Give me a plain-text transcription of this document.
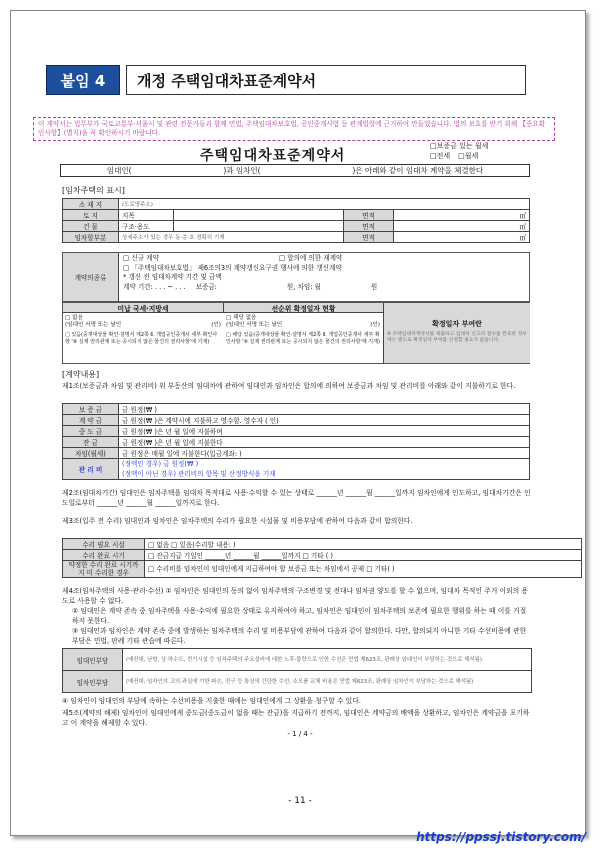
붙임 4	개정 주택임대차표준계약서
이 계약서는 법무부가 국토교통부·서울시 및 관련 전문가들과 함께 민법, 주택임대차보호법, 공인중개사법 등 관계법령에 근거하여 만들었습니다. 법의 보호를 받기 위해 【중요확인사항】(별지)을 꼭 확인하시기 바랍니다.
주택임대차표준계약서
□보증금 있는 월세
□전세 □월세
임대인(	)과 임차인(	)은 아래와 같이 임대차 계약을 체결한다
[임차주택의 표시]
소 재 지	(도로명주소)			
토 지	지목		면적	㎡
건 물	구조·용도		면적	㎡
임차할부분	상세주소가 있는 경우 동·층·호 정확히 기재		면적	㎡
계약의종류
□ 신규 계약	□ 합의에 의한 재계약
□ 「주택임대차보호법」 제6조의3의 계약갱신요구권 행사에 의한 갱신계약
* 갱신 전 임대차계약 기간 및 금액
계약 기간: . . . ~ . . . 보증금:	원, 차임: 월	원
미납 국세·지방세	선순위 확정일자 현황
확정일자 부여란
※ 주택임대차계약서를 제출하고 임대차 신고의 접수를 완료한 경우에는 별도로 확정일자 부여를 신청할 필요가 없습니다.
□ 없음
(임대인 서명 또는 날인	(인)
□ 있음(중개대상물 확인·설명서 제2쪽 Ⅱ. 개업공인중개사 세부 확인사항 '⑨ 실제 권리관계 또는 공시되지 않은 물건의 권리사항'에 기재)
□ 해당 없음
(임대인 서명 또는 날인	(인)
□ 해당 있음(중개대상물 확인·설명서 제2쪽 Ⅱ. 개업공인중개사 세부 확인사항 '⑨ 실제 권리관계 또는 공시되지 않은 물건의 권리사항'에 기재)
[계약내용]
제1조(보증금과 차임 및 관리비) 위 부동산의 임대차에 관하여 임대인과 임차인은 합의에 의하여 보증금과 차임 및 관리비를 아래와 같이 지불하기로 한다.
보 증 금	금 원정(₩ )
계 약 금	금 원정(₩ )은 계약시에 지불하고 영수함. 영수자 ( 인)
중 도 금	금 원정(₩ )은 년 월 일에 지불하며
잔 금	금 원정(₩ )은 년 월 일에 지불한다
차임(월세)	금 원정은 매월 일에 지불한다(입금계좌: )
관 리 비	(정액인 경우) 금 원정(₩ )
(정액이 아닌 경우) 관리비의 항목 및 산정방식을 기재
제2조(임대차기간) 임대인은 임차주택을 임대차 목적대로 사용·수익할 수 있는 상태로 ______년 ______월 ______일까지 임차인에게 인도하고, 임대차기간은 인도일로부터 ______년 ______월 ______일까지로 한다.
제3조(입주 전 수리) 임대인과 임차인은 임차주택의 수리가 필요한 시설물 및 비용부담에 관하여 다음과 같이 합의한다.
수리 필요 시설	□ 없음 □ 있음(수리할 내용: )
수리 완료 시기	□ 잔금지급 기일인 ______년 ______월 ______일까지 □ 기타 ( )
약정한 수리 완료 시기까지 미 수리한 경우	□ 수리비를 임차인이 임대인에게 지급하여야 할 보증금 또는 차임에서 공제 □ 기타( )
제4조(임차주택의 사용·관리·수선) ① 임차인은 임대인의 동의 없이 임차주택의 구조변경 및 전대나 임차권 양도를 할 수 없으며, 임대차 목적인 주거 이외의 용도로 사용할 수 없다.
② 임대인은 계약 존속 중 임차주택을 사용·수익에 필요한 상태로 유지하여야 하고, 임차인은 임대인이 임차주택의 보존에 필요한 행위를 하는 때 이를 거절하지 못한다.
③ 임대인과 임차인은 계약 존속 중에 발생하는 임차주택의 수리 및 비용부담에 관하여 다음과 같이 합의한다. 다만, 합의되지 아니한 기타 수선비용에 관한 부담은 민법, 판례 기타 관습에 따른다.
임대인부담	(예컨대, 난방, 상·하수도, 전기시설 등 임차주택의 주요설비에 대한 노후·불량으로 인한 수선은 민법 제623조, 판례상 임대인이 부담하는 것으로 해석됨)
임차인부담	(예컨대, 임차인의 고의·과실에 기한 파손, 전구 등 통상의 간단한 수선, 소모품 교체 비용은 민법 제623조, 판례상 임차인이 부담하는 것으로 해석됨)
④ 임차인이 임대인의 부담에 속하는 수선비용을 지출한 때에는 임대인에게 그 상환을 청구할 수 있다.
제5조(계약의 해제) 임차인이 임대인에게 중도금(중도금이 없을 때는 잔금)을 지급하기 전까지, 임대인은 계약금의 배액을 상환하고, 임차인은 계약금을 포기하고 이 계약을 해제할 수 있다.
- 1 / 4 -
- 11 -
https://ppssj.tistory.com/
